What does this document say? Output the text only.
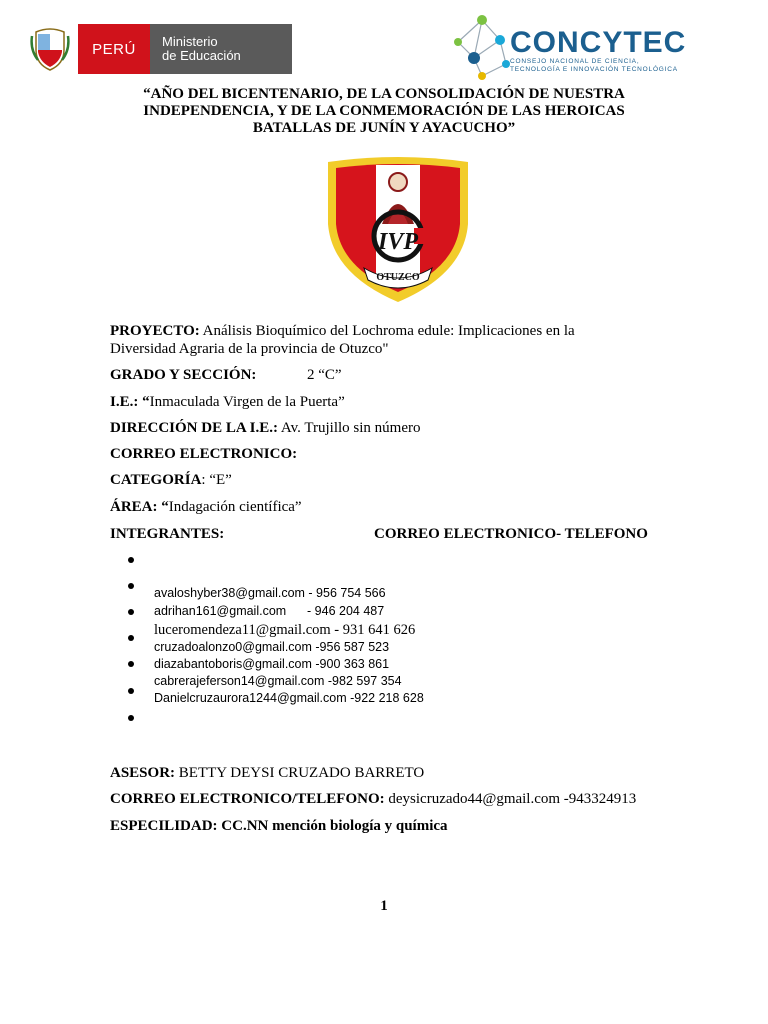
PERÚ	Ministerio
de Educación	CONCYTEC
CONSEJO NACIONAL DE CIENCIA,
TECNOLOGÍA E INNOVACIÓN TECNOLÓGICA
“AÑO DEL BICENTENARIO, DE LA CONSOLIDACIÓN DE NUESTRA INDEPENDENCIA, Y DE LA CONMEMORACIÓN DE LAS HEROICAS BATALLAS DE JUNÍN Y AYACUCHO”
IVP
OTUZCO
PROYECTO: Análisis Bioquímico del Lochroma edule: Implicaciones en la Diversidad Agraria de la provincia de Otuzco"
GRADO Y SECCIÓN:	2 “C”
I.E.: “Inmaculada Virgen de la Puerta”
DIRECCIÓN DE LA I.E.: Av. Trujillo sin número
CORREO ELECTRONICO:
CATEGORÍA: “E”
ÁREA: “Indagación científica”
INTEGRANTES:	CORREO ELECTRONICO- TELEFONO
avaloshyber38@gmail.com - 956 754 566
adrihan161@gmail.com      - 946 204 487
luceromendeza11@gmail.com - 931 641 626
cruzadoalonzo0@gmail.com -956 587 523
diazabantoboris@gmail.com -900 363 861
cabrerajeferson14@gmail.com -982 597 354
Danielcruzaurora1244@gmail.com -922 218 628
ASESOR: BETTY DEYSI CRUZADO BARRETO
CORREO ELECTRONICO/TELEFONO: deysicruzado44@gmail.com -943324913
ESPECILIDAD: CC.NN mención biología y química
1
